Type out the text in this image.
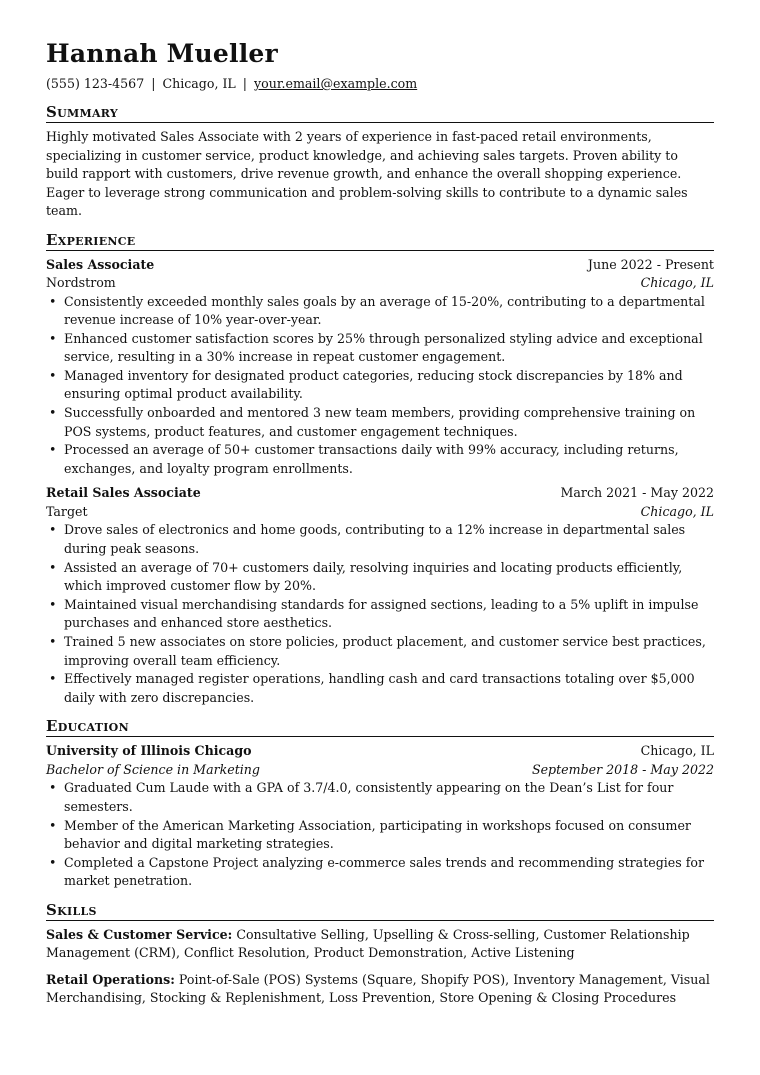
Hannah Mueller
(555) 123-4567 | Chicago, IL | your.email@example.com
Summary

Highly motivated Sales Associate with 2 years of experience in fast-paced retail environments, specializing in customer service, product knowledge, and achieving sales targets. Proven ability to build rapport with customers, drive revenue growth, and enhance the overall shopping experience. Eager to leverage strong communication and problem-solving skills to contribute to a dynamic sales team.

Experience
Sales Associate	June 2022 - Present
Nordstrom	Chicago, IL
• Consistently exceeded monthly sales goals by an average of 15-20%, contributing to a departmental revenue increase of 10% year-over-year.
• Enhanced customer satisfaction scores by 25% through personalized styling advice and exceptional service, resulting in a 30% increase in repeat customer engagement.
• Managed inventory for designated product categories, reducing stock discrepancies by 18% and ensuring optimal product availability.
• Successfully onboarded and mentored 3 new team members, providing comprehensive training on POS systems, product features, and customer engagement techniques.
• Processed an average of 50+ customer transactions daily with 99% accuracy, including returns, exchanges, and loyalty program enrollments.
Retail Sales Associate	March 2021 - May 2022
Target	Chicago, IL
• Drove sales of electronics and home goods, contributing to a 12% increase in departmental sales during peak seasons.
• Assisted an average of 70+ customers daily, resolving inquiries and locating products efficiently, which improved customer flow by 20%.
• Maintained visual merchandising standards for assigned sections, leading to a 5% uplift in impulse purchases and enhanced store aesthetics.
• Trained 5 new associates on store policies, product placement, and customer service best practices, improving overall team efficiency.
• Effectively managed register operations, handling cash and card transactions totaling over $5,000 daily with zero discrepancies.
Education
University of Illinois Chicago	Chicago, IL
Bachelor of Science in Marketing	September 2018 - May 2022
• Graduated Cum Laude with a GPA of 3.7/4.0, consistently appearing on the Dean’s List for four semesters.
• Member of the American Marketing Association, participating in workshops focused on consumer behavior and digital marketing strategies.
• Completed a Capstone Project analyzing e-commerce sales trends and recommending strategies for market penetration.
Skills

Sales & Customer Service: Consultative Selling, Upselling & Cross-selling, Customer Relationship Management (CRM), Conflict Resolution, Product Demonstration, Active Listening

Retail Operations: Point-of-Sale (POS) Systems (Square, Shopify POS), Inventory Management, Visual Merchandising, Stocking & Replenishment, Loss Prevention, Store Opening & Closing Procedures
